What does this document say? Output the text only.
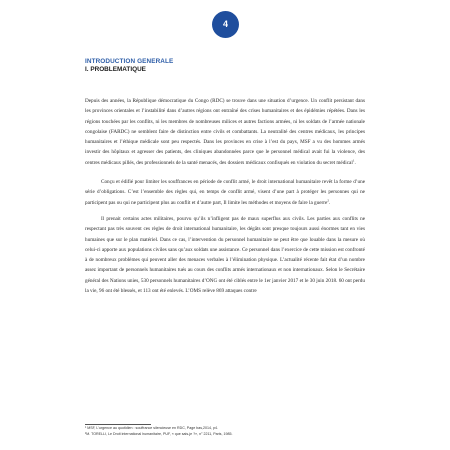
4

INTRODUCTION GENERALE

I. PROBLEMATIQUE

Depuis des années, la République démocratique du Congo (RDC) se trouve dans une situation d’urgence. Un conflit persistant dans les provinces orientales et l’instabilité dans d’autres régions ont entraîné des crises humanitaires et des épidémies répétées. Dans les régions touchées par les conflits, ni les membres de nombreuses milices et autres factions armées, ni les soldats de l’armée nationale congolaise (FARDC) ne semblent faire de distinction entre civils et combattants. La neutralité des centres médicaux, les principes humanitaires et l’éthique médicale sont peu respectés. Dans les provinces en crise à l’est du pays, MSF a vu des hommes armés investir des hôpitaux et agresser des patients, des cliniques abandonnées parce que le personnel médical avait fui la violence, des centres médicaux pillés, des professionnels de la santé menacés, des dossiers médicaux confisqués en violation du secret médical$^1$.

Conçu et édifié pour limiter les souffrances en période de conflit armé, le droit international humanitaire revêt la forme d’une série d’obligations. C’est l’ensemble des règles qui, en temps de conflit armé, visent d’une part à protéger les personnes qui ne participent pas ou qui ne participent plus au conflit et d’autre part, Il limite les méthodes et moyens de faire la guerre$^2$.

Il prenait certains actes militaires, pourvu qu’ils n’infligent pas de maux superflus aux civils. Les parties aux conflits ne respectant pas très souvent ces règles de droit international humanitaire, les dégâts sont presque toujours aussi énormes tant en vies humaines que sur le plan matériel. Dans ce cas, l’intervention du personnel humanitaire ne peut être que louable dans la mesure où celui-ci apporte aux populations civiles sans qu’aux soldats une assistance. Ce personnel dans l’exercice de cette mission est confronté à de nombreux problèmes qui peuvent aller des menaces verbales à l’élimination physique. L’actualité récente fait état d’un nombre assez important de personnels humanitaires tués au cours des conflits armés internationaux et non internationaux. Selon le Secrétaire général des Nations unies, 530 personnels humanitaires d’ONG ont été ciblés entre le 1er janvier 2017 et le 30 juin 2018. 60 ont perdu la vie, 96 ont été blessés, et 113 ont été enlevés. L’OMS relève 869 attaques contre

¹ MSF, L’urgence au quotidien : souffrance silencieuse en RDC, Page bas,2014, p4.
²M. TORELLI, Le Droit international humanitaire, PUF, « que sais-je ?», n° 2211, Paris, 1985.
